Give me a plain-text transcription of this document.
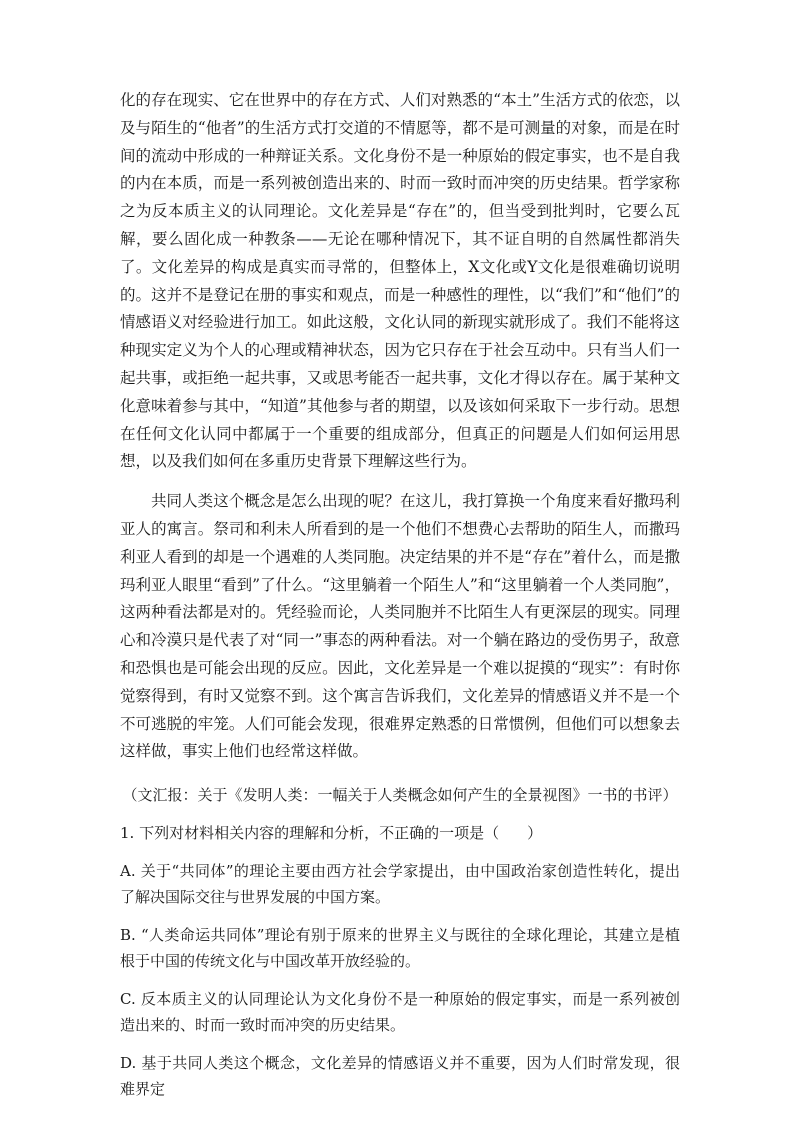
化的存在现实、它在世界中的存在方式、人们对熟悉的“本土”生活方式的依恋，以及与陌生的“他者”的生活方式打交道的不情愿等，都不是可测量的对象，而是在时间的流动中形成的一种辩证关系。文化身份不是一种原始的假定事实，也不是自我的内在本质，而是一系列被创造出来的、时而一致时而冲突的历史结果。哲学家称之为反本质主义的认同理论。文化差异是“存在”的，但当受到批判时，它要么瓦解，要么固化成一种教条——无论在哪种情况下，其不证自明的自然属性都消失了。文化差异的构成是真实而寻常的，但整体上，X文化或Y文化是很难确切说明的。这并不是登记在册的事实和观点，而是一种感性的理性，以“我们”和“他们”的情感语义对经验进行加工。如此这般，文化认同的新现实就形成了。我们不能将这种现实定义为个人的心理或精神状态，因为它只存在于社会互动中。只有当人们一起共事，或拒绝一起共事，又或思考能否一起共事，文化才得以存在。属于某种文化意味着参与其中，“知道”其他参与者的期望，以及该如何采取下一步行动。思想在任何文化认同中都属于一个重要的组成部分，但真正的问题是人们如何运用思想，以及我们如何在多重历史背景下理解这些行为。

共同人类这个概念是怎么出现的呢？在这儿，我打算换一个角度来看好撒玛利亚人的寓言。祭司和利未人所看到的是一个他们不想费心去帮助的陌生人，而撒玛利亚人看到的却是一个遇难的人类同胞。决定结果的并不是“存在”着什么，而是撒玛利亚人眼里“看到”了什么。“这里躺着一个陌生人”和“这里躺着一个人类同胞”，这两种看法都是对的。凭经验而论，人类同胞并不比陌生人有更深层的现实。同理心和冷漠只是代表了对“同一”事态的两种看法。对一个躺在路边的受伤男子，敌意和恐惧也是可能会出现的反应。因此，文化差异是一个难以捉摸的“现实”：有时你觉察得到，有时又觉察不到。这个寓言告诉我们，文化差异的情感语义并不是一个不可逃脱的牢笼。人们可能会发现，很难界定熟悉的日常惯例，但他们可以想象去这样做，事实上他们也经常这样做。

（文汇报：关于《发明人类：一幅关于人类概念如何产生的全景视图》一书的书评）

1. 下列对材料相关内容的理解和分析，不正确的一项是（ ）

A. 关于“共同体”的理论主要由西方社会学家提出，由中国政治家创造性转化，提出了解决国际交往与世界发展的中国方案。

B. “人类命运共同体”理论有别于原来的世界主义与既往的全球化理论，其建立是植根于中国的传统文化与中国改革开放经验的。

C. 反本质主义的认同理论认为文化身份不是一种原始的假定事实，而是一系列被创造出来的、时而一致时而冲突的历史结果。

D. 基于共同人类这个概念，文化差异的情感语义并不重要，因为人们时常发现，很难界定
